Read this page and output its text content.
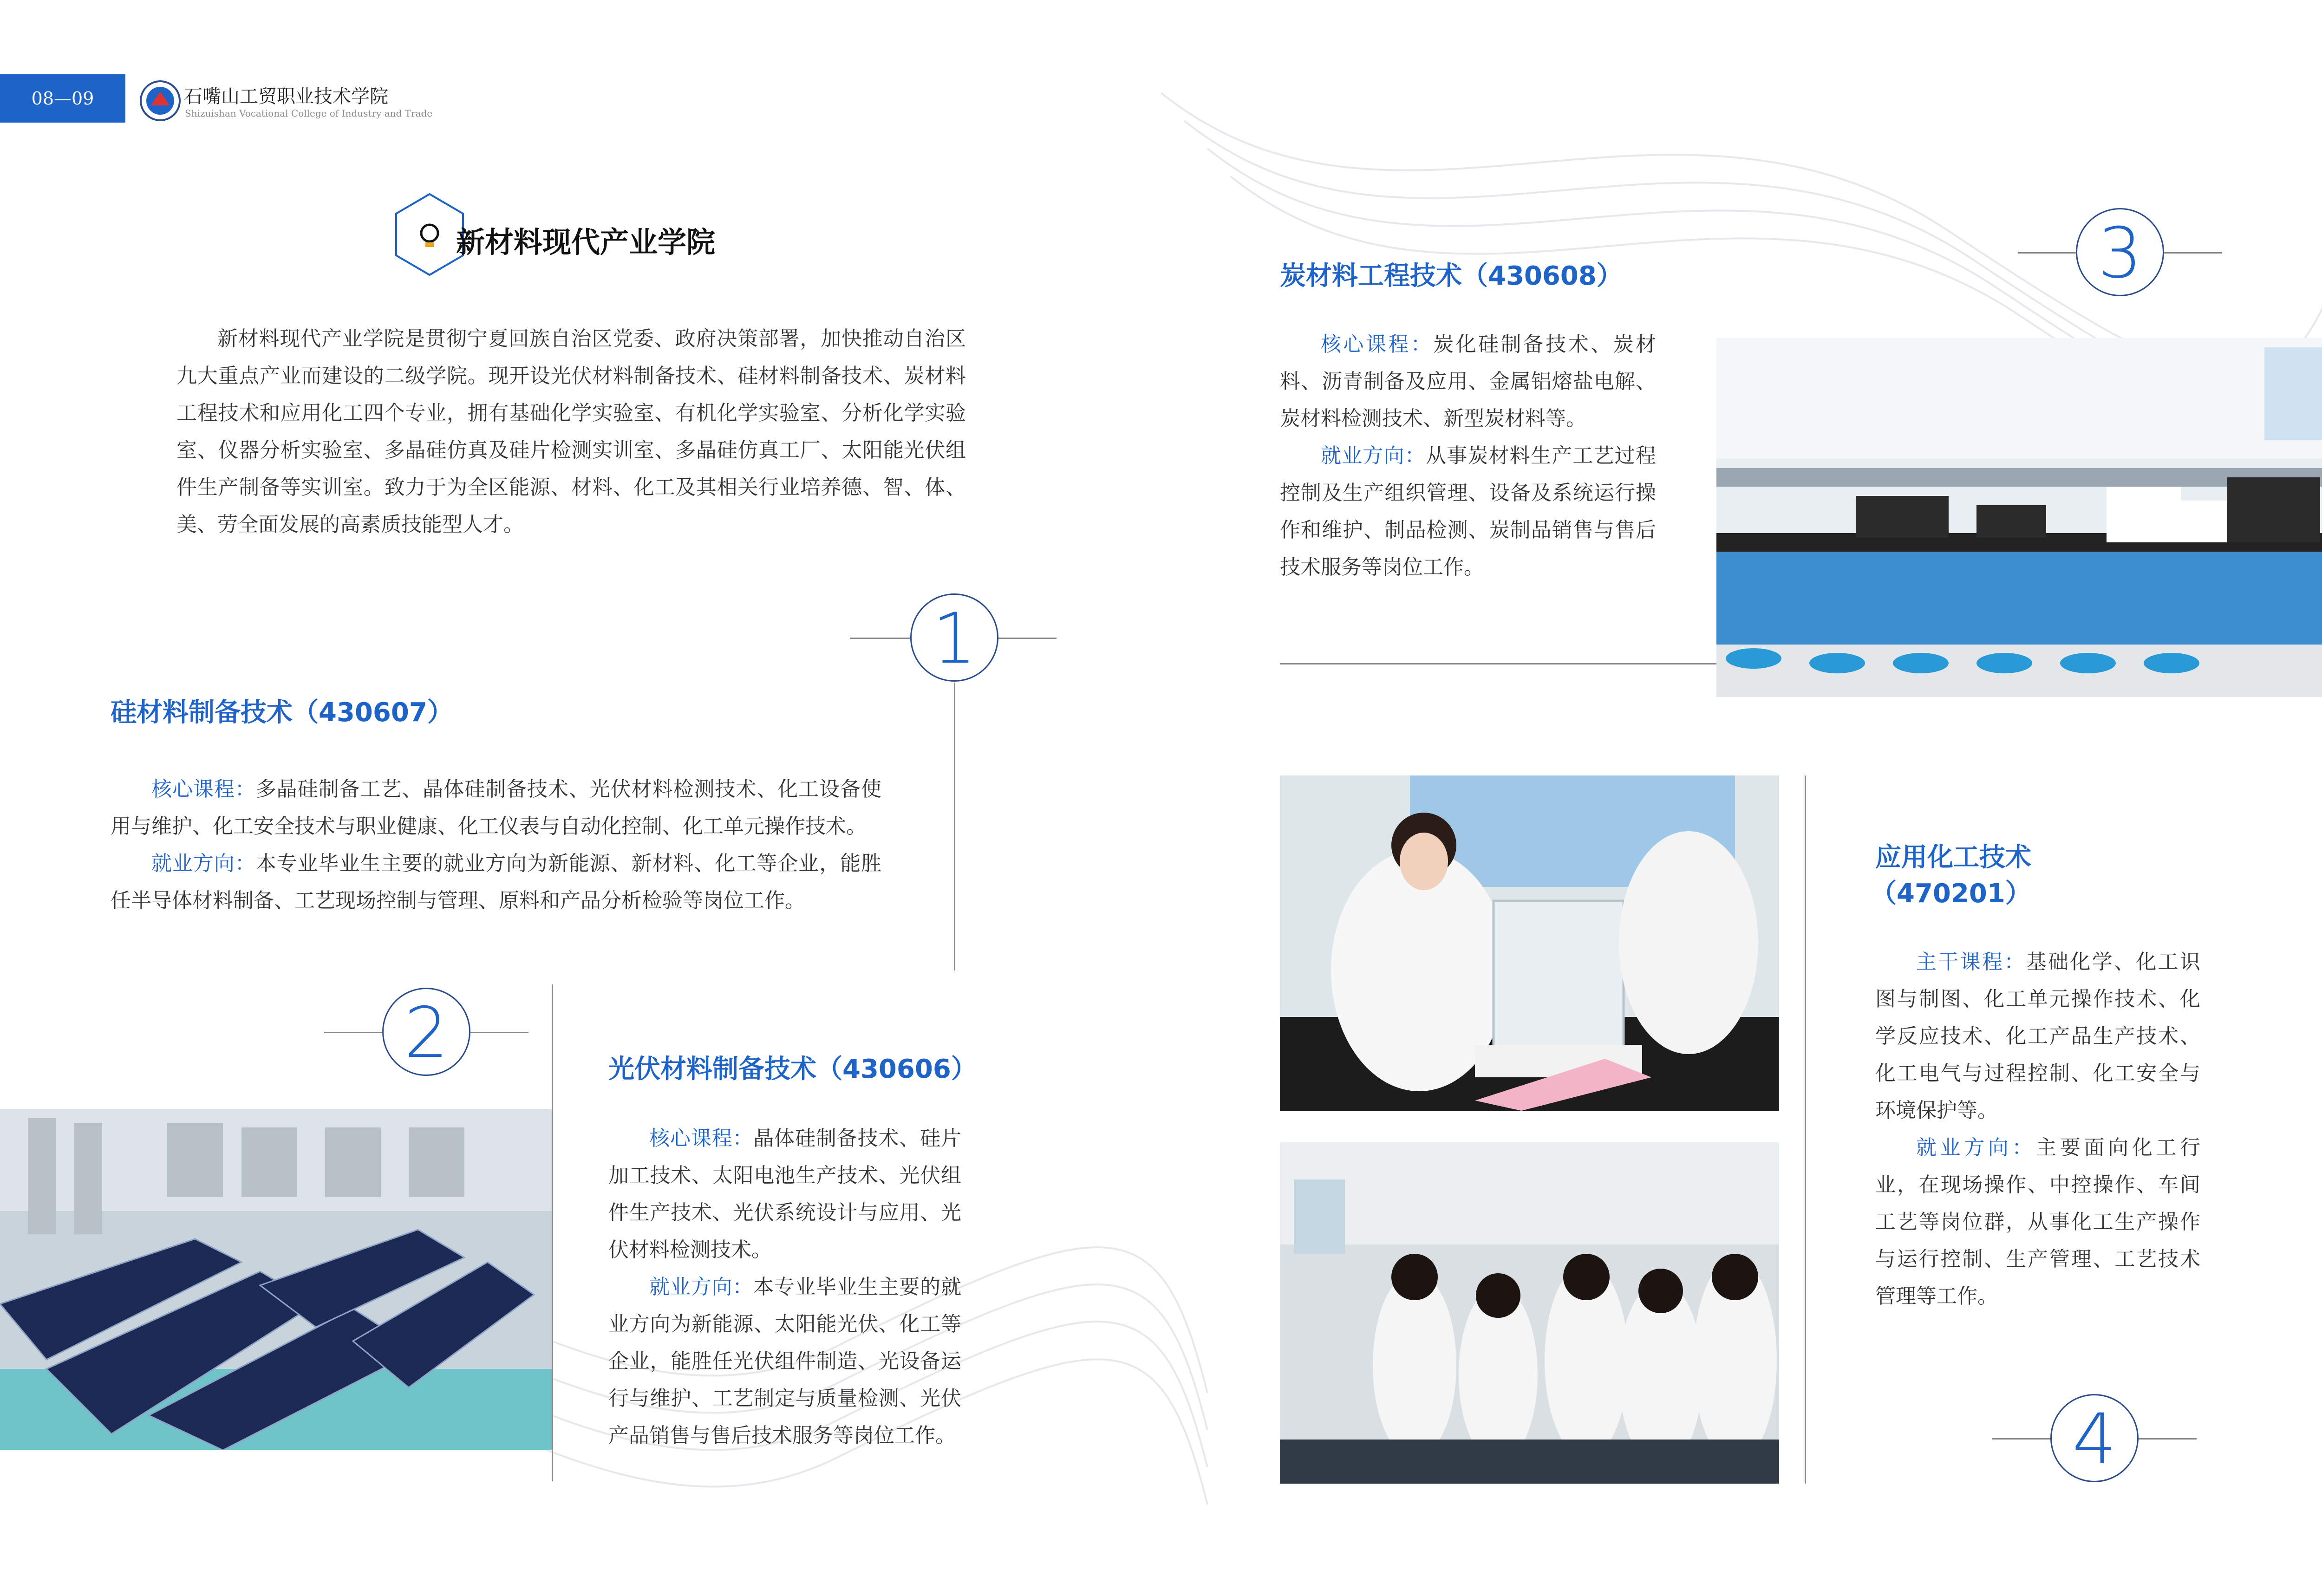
08—09	石嘴山工贸职业技术学院
Shizuishan Vocational College of Industry and Trade
新材料现代产业学院

新材料现代产业学院是贯彻宁夏回族自治区党委、政府决策部署，加快推动自治区九大重点产业而建设的二级学院。现开设光伏材料制备技术、硅材料制备技术、炭材料工程技术和应用化工四个专业，拥有基础化学实验室、有机化学实验室、分析化学实验室、仪器分析实验室、多晶硅仿真及硅片检测实训室、多晶硅仿真工厂、太阳能光伏组件生产制备等实训室。致力于为全区能源、材料、化工及其相关行业培养德、智、体、美、劳全面发展的高素质技能型人才。

1
硅材料制备技术（430607）

核心课程：多晶硅制备工艺、晶体硅制备技术、光伏材料检测技术、化工设备使用与维护、化工安全技术与职业健康、化工仪表与自动化控制、化工单元操作技术。

就业方向：本专业毕业生主要的就业方向为新能源、新材料、化工等企业，能胜任半导体材料制备、工艺现场控制与管理、原料和产品分析检验等岗位工作。

2	光伏材料制备技术（430606）

核心课程：晶体硅制备技术、硅片加工技术、太阳电池生产技术、光伏组件生产技术、光伏系统设计与应用、光伏材料检测技术。

就业方向：本专业毕业生主要的就业方向为新能源、太阳能光伏、化工等企业，能胜任光伏组件制造、光设备运行与维护、工艺制定与质量检测、光伏产品销售与售后技术服务等岗位工作。

3
炭材料工程技术（430608）

核心课程：炭化硅制备技术、炭材料、沥青制备及应用、金属铝熔盐电解、炭材料检测技术、新型炭材料等。

就业方向：从事炭材料生产工艺过程控制及生产组织管理、设备及系统运行操作和维护、制品检测、炭制品销售与售后技术服务等岗位工作。

应用化工技术
（470201）

主干课程：基础化学、化工识图与制图、化工单元操作技术、化学反应技术、化工产品生产技术、化工电气与过程控制、化工安全与环境保护等。

就业方向：主要面向化工行业，在现场操作、中控操作、车间工艺等岗位群，从事化工生产操作与运行控制、生产管理、工艺技术管理等工作。

4
